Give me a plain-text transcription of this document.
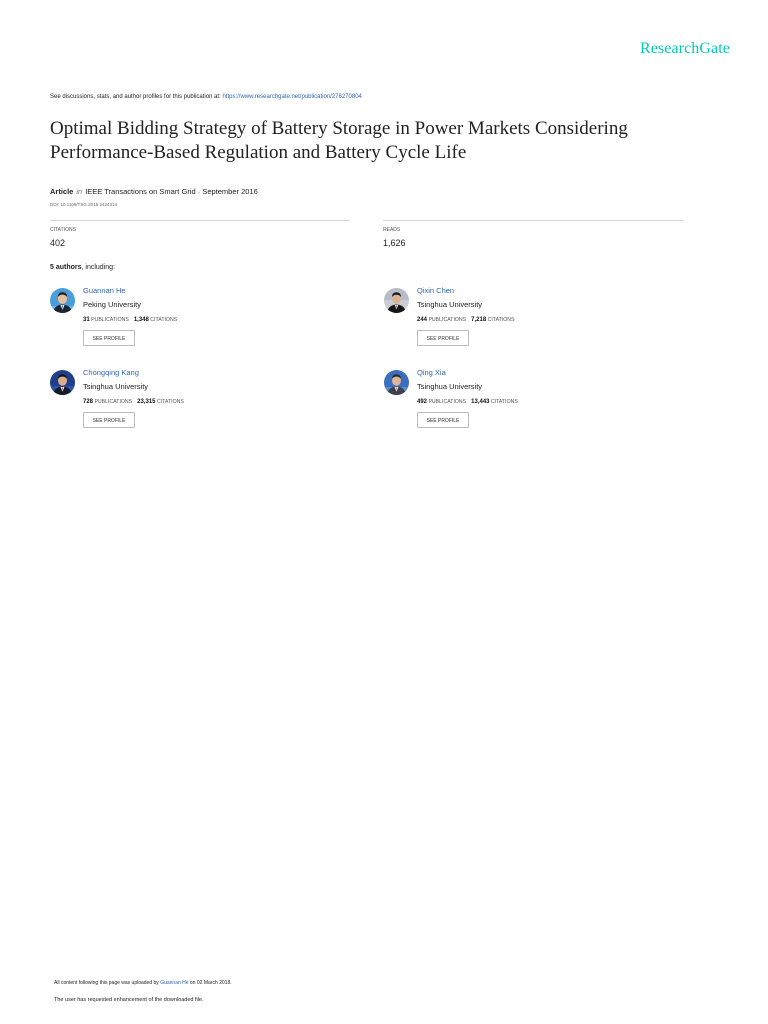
ResearchGate
See discussions, stats, and author profiles for this publication at: https://www.researchgate.net/publication/276270804
Optimal Bidding Strategy of Battery Storage in Power Markets Considering Performance-Based Regulation and Battery Cycle Life
Article in IEEE Transactions on Smart Grid · September 2016
DOI: 10.1109/TSG.2015.2424314
CITATIONS
402
READS
1,626
5 authors, including:
Guannan He
Peking University
31 PUBLICATIONS 1,348 CITATIONS
SEE PROFILE
Qixin Chen
Tsinghua University
244 PUBLICATIONS 7,218 CITATIONS
SEE PROFILE
Chongqing Kang
Tsinghua University
728 PUBLICATIONS 23,315 CITATIONS
SEE PROFILE
Qing Xia
Tsinghua University
492 PUBLICATIONS 13,443 CITATIONS
SEE PROFILE
All content following this page was uploaded by Guannan He on 02 March 2018.
The user has requested enhancement of the downloaded file.
